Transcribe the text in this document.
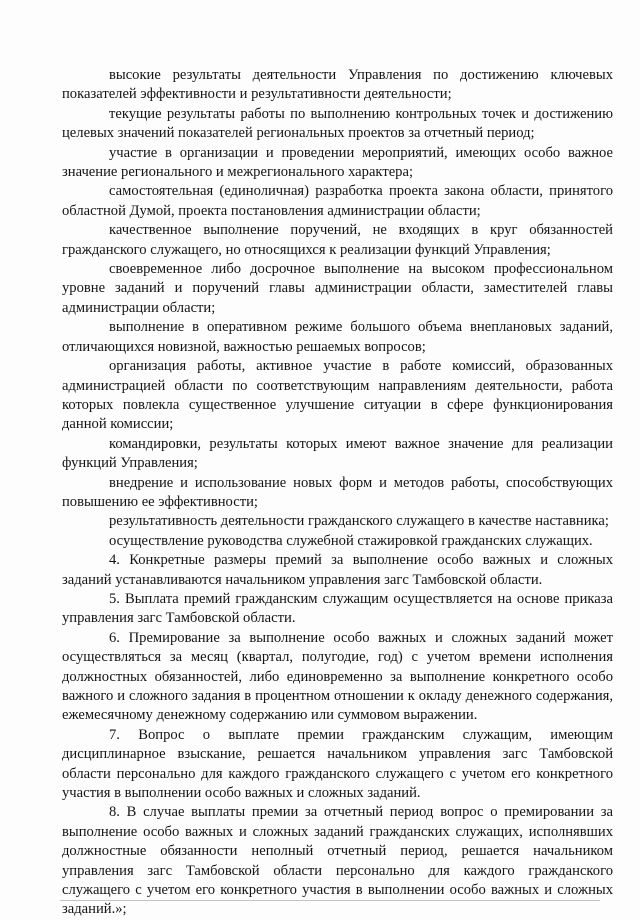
высокие результаты деятельности Управления по достижению ключевых показателей эффективности и результативности деятельности;

текущие результаты работы по выполнению контрольных точек и достижению целевых значений показателей региональных проектов за отчетный период;

участие в организации и проведении мероприятий, имеющих особо важное значение регионального и межрегионального характера;

самостоятельная (единоличная) разработка проекта закона области, принятого областной Думой, проекта постановления администрации области;

качественное выполнение поручений, не входящих в круг обязанностей гражданского служащего, но относящихся к реализации функций Управления;

своевременное либо досрочное выполнение на высоком профессиональном уровне заданий и поручений главы администрации области, заместителей главы администрации области;

выполнение в оперативном режиме большого объема внеплановых заданий, отличающихся новизной, важностью решаемых вопросов;

организация работы, активное участие в работе комиссий, образованных администрацией области по соответствующим направлениям деятельности, работа которых повлекла существенное улучшение ситуации в сфере функционирования данной комиссии;

командировки, результаты которых имеют важное значение для реализации функций Управления;

внедрение и использование новых форм и методов работы, способствующих повышению ее эффективности;

результативность деятельности гражданского служащего в качестве наставника;

осуществление руководства служебной стажировкой гражданских служащих.

4. Конкретные размеры премий за выполнение особо важных и сложных заданий устанавливаются начальником управления загс Тамбовской области.

5. Выплата премий гражданским служащим осуществляется на основе приказа управления загс Тамбовской области.

6. Премирование за выполнение особо важных и сложных заданий может осуществляться за месяц (квартал, полугодие, год) с учетом времени исполнения должностных обязанностей, либо единовременно за выполнение конкретного особо важного и сложного задания в процентном отношении к окладу денежного содержания, ежемесячному денежному содержанию или суммовом выражении.

7. Вопрос о выплате премии гражданским служащим, имеющим дисциплинарное взыскание, решается начальником управления загс Тамбовской области персонально для каждого гражданского служащего с учетом его конкретного участия в выполнении особо важных и сложных заданий.

8. В случае выплаты премии за отчетный период вопрос о премировании за выполнение особо важных и сложных заданий гражданских служащих, исполнявших должностные обязанности неполный отчетный период, решается начальником управления загс Тамбовской области персонально для каждого гражданского служащего с учетом его конкретного участия в выполнении особо важных и сложных заданий.»;
